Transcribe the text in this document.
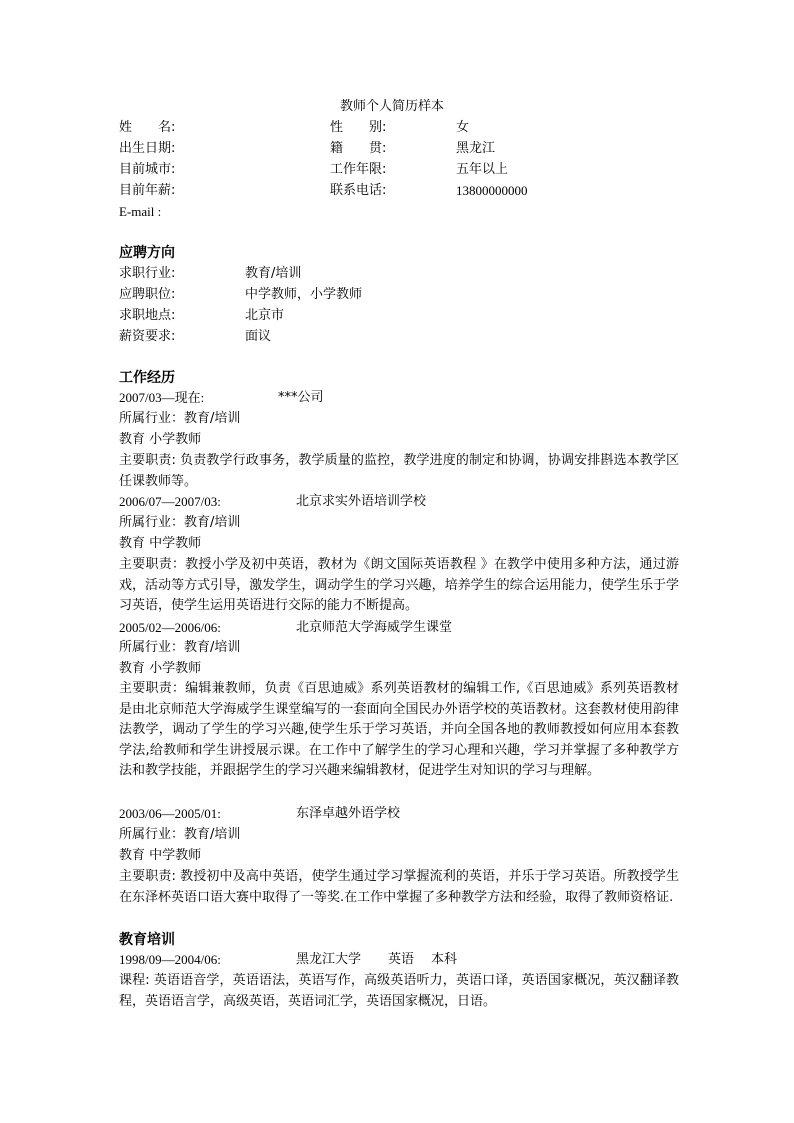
教师个人简历样本
姓　　名:	性　　别:	女
出生日期:	籍　　贯:	黑龙江
目前城市:	工作年限:	五年以上
目前年薪:	联系电话:	13800000000
E-mail :
应聘方向
求职行业:	教育/培训
应聘职位:	中学教师，小学教师
求职地点:	北京市
薪资要求:	面议
工作经历
2007/03—现在:	***公司
所属行业：教育/培训
教育 小学教师
主要职责: 负责教学行政事务，教学质量的监控，教学进度的制定和协调，协调安排斟选本教学区任课教师等。
2006/07—2007/03:	北京求实外语培训学校
所属行业：教育/培训
教育 中学教师
主要职责：教授小学及初中英语，教材为《朗文国际英语教程 》在教学中使用多种方法，通过游戏，活动等方式引导，激发学生，调动学生的学习兴趣，培养学生的综合运用能力，使学生乐于学习英语，使学生运用英语进行交际的能力不断提高。
2005/02—2006/06:	北京师范大学海威学生课堂
所属行业：教育/培训
教育 小学教师
主要职责：编辑兼教师，负责《百思迪威》系列英语教材的编辑工作,《百思迪威》系列英语教材是由北京师范大学海威学生课堂编写的一套面向全国民办外语学校的英语教材。这套教材使用韵律法教学，调动了学生的学习兴趣,使学生乐于学习英语，并向全国各地的教师教授如何应用本套教学法,给教师和学生讲授展示课。在工作中了解学生的学习心理和兴趣，学习并掌握了多种教学方法和教学技能，并跟据学生的学习兴趣来编辑教材，促进学生对知识的学习与理解。
2003/06—2005/01:	东泽卓越外语学校
所属行业：教育/培训
教育 中学教师
主要职责: 教授初中及高中英语，使学生通过学习掌握流利的英语，并乐于学习英语。所教授学生在东泽杯英语口语大赛中取得了一等奖.在工作中掌握了多种教学方法和经验，取得了教师资格证.
教育培训
1998/09—2004/06:	黑龙江大学 英语 本科
课程: 英语语音学，英语语法，英语写作，高级英语听力，英语口译，英语国家概况，英汉翻译教程，英语语言学，高级英语，英语词汇学，英语国家概况，日语。
